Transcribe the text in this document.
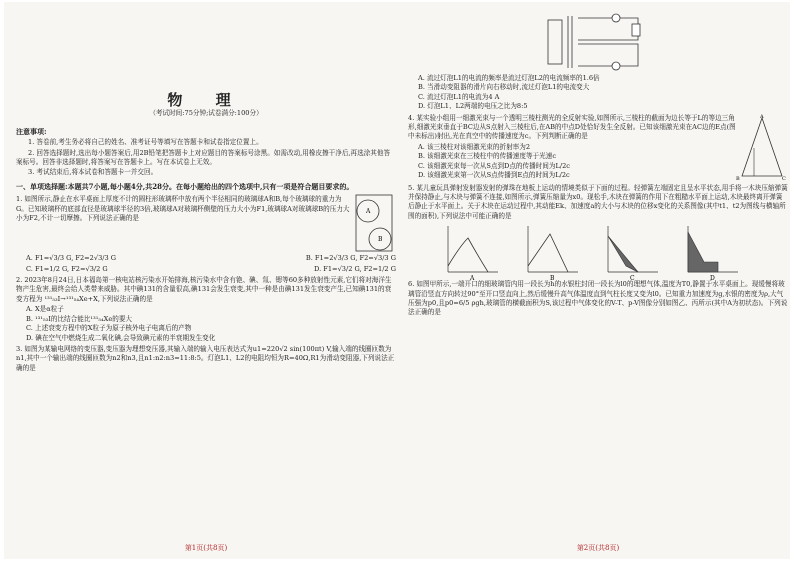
物 理
（考试时间:75分钟;试卷满分:100分）
注意事项:

1. 答卷前,考生务必将自己的姓名、准考证号等填写在答题卡和试卷指定位置上。

2. 回答选择题时,选出每小题答案后,用2B铅笔把答题卡上对应题目的答案标号涂黑。如需改动,用橡皮擦干净后,再选涂其他答案标号。回答非选择题时,将答案写在答题卡上。写在本试卷上无效。

3. 考试结束后,将本试卷和答题卡一并交回。

一、单项选择题:本题共7小题,每小题4分,共28分。在每小题给出的四个选项中,只有一项是符合题目要求的。

1. 如图所示,静止在水平桌面上厚度不计的圆柱形玻璃杯中放有两个半径相同的玻璃球A和B,每个玻璃球的重力为G。已知玻璃杯的底部直径是玻璃球半径的3倍,玻璃球A对玻璃杯侧壁的压力大小为F1,玻璃球A对玻璃球B的压力大小为F2,不计一切摩擦。下列说法正确的是

A
B
A. F1=√3/3 G, F2=2√3/3 G	B. F1=2√3/3 G, F2=√3/3 G
C. F1=1/2 G, F2=√3/2 G	D. F1=√3/2 G, F2=1/2 G

2. 2023年8月24日,日本福岛第一核电站核污染水开始排海,核污染水中含有铯、碘、氚、锶等60多种放射性元素,它们将对海洋生物产生危害,最终会给人类带来威胁。其中碘131的含量很高,碘131会发生衰变,其中一种是由碘131发生衰变产生,已知碘131的衰变方程为 ¹³¹₅₃I→¹³¹₅₄Xe+X,下列说法正确的是

A. X是α粒子

B. ¹³¹₅₃I的比结合能比¹³¹₅₄Xe的要大

C. 上述衰变方程中的X粒子为原子核外电子电离后的产物

D. 碘在空气中燃烧生成二氧化碘,会导致碘元素的半衰期发生变化

3. 如图为某输电网络的变压器,变压器为理想变压器,其输入端的输入电压表达式为u1=220√2 sin(100πt) V,输入端的线圈匝数为n1,其中一个输出端的线圈匝数为n2和n3,且n1:n2:n3=11:8:5。灯泡L1、L2的电阻均恒为R=40Ω,R1为滑动变阻器,下列说法正确的是

第1页(共8页)

A. 流过灯泡L1的电流的频率是流过灯泡L2的电流频率的1.6倍

B. 当滑动变阻器的滑片向右移动时,流过灯泡L1的电流变大

C. 流过灯泡L1的电流为4 A

D. 灯泡L1、L2两端的电压之比为8:5

4. 某实验小组用一细激光束与一个透明三棱柱测光的全反射实验,如图所示,三棱柱的截面为边长等于L的等边三角形,细激光束垂直于BC边从S点射入三棱柱后,在AB的中点D处恰好发生全反射。已知该细激光束在AC边的E点(图中未标出)射出,光在真空中的传播速度为c。下列判断正确的是

A. 该三棱柱对该细激光束的折射率为2

B. 该细激光束在三棱柱中的传播速度等于光速c

C. 该细激光束每一次从S点到D点的传播时间为L/2c

D. 该细激光束第一次从S点传播到E点的时间为L/2c

A
B	C

5. 某儿童玩具弹射发射器发射的弹珠在地板上运动的情境类似于下面的过程。轻弹簧左端固定且呈水平状态,用手将一木块压缩弹簧并保持静止,与木块与弹簧不连接,如图所示,弹簧压缩量为x0。现松手,木块在弹簧的作用下在粗糙水平面上运动,木块最终离开弹簧后静止于水平面上。关于木块在运动过程中,其动能Ek、加速度a的大小与木块的位移x变化的关系图像(其中t1、t2为图线与横轴所围的面积),下列说法中可能正确的是

A	B	C	D

6. 如图甲所示,一端开口的细玻璃管内用一段长为h的水银柱封闭一段长为l0的理想气体,温度为T0,静置于水平桌面上。现缓慢将玻璃管沿竖直方向转过90°至开口竖直向上,然后缓慢升高气体温度直到气柱长度又变为l0。已知重力加速度为g,水银的密度为ρ,大气压强为p0,且p0=6/5 ρgh,玻璃管的横截面积为S,该过程中气体变化的V-T、p-V图像分别如图乙、丙所示(其中A为初状态)。下列说法正确的是

第2页(共8页)
